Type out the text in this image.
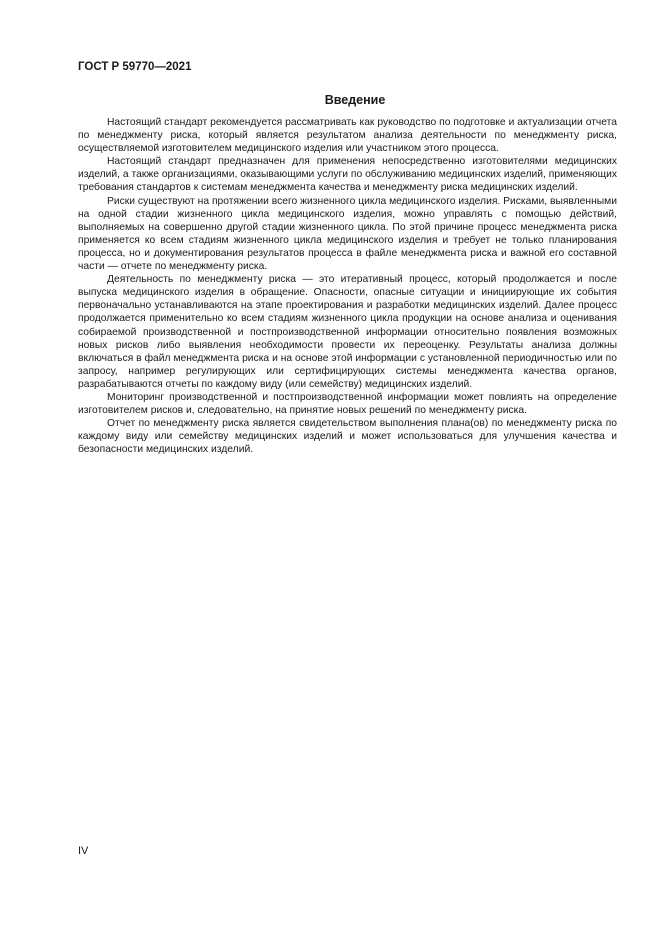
ГОСТ Р 59770—2021
Введение

Настоящий стандарт рекомендуется рассматривать как руководство по подготовке и актуализации отчета по менеджменту риска, который является результатом анализа деятельности по менеджменту риска, осуществляемой изготовителем медицинского изделия или участником этого процесса.

Настоящий стандарт предназначен для применения непосредственно изготовителями медицинских изделий, а также организациями, оказывающими услуги по обслуживанию медицинских изделий, применяющих требования стандартов к системам менеджмента качества и менеджменту риска медицинских изделий.

Риски существуют на протяжении всего жизненного цикла медицинского изделия. Рисками, выявленными на одной стадии жизненного цикла медицинского изделия, можно управлять с помощью действий, выполняемых на совершенно другой стадии жизненного цикла. По этой причине процесс менеджмента риска применяется ко всем стадиям жизненного цикла медицинского изделия и требует не только планирования процесса, но и документирования результатов процесса в файле менеджмента риска и важной его составной части — отчете по менеджменту риска.

Деятельность по менеджменту риска — это итеративный процесс, который продолжается и после выпуска медицинского изделия в обращение. Опасности, опасные ситуации и инициирующие их события первоначально устанавливаются на этапе проектирования и разработки медицинских изделий. Далее процесс продолжается применительно ко всем стадиям жизненного цикла продукции на основе анализа и оценивания собираемой производственной и постпроизводственной информации относительно появления возможных новых рисков либо выявления необходимости провести их переоценку. Результаты анализа должны включаться в файл менеджмента риска и на основе этой информации с установленной периодичностью или по запросу, например регулирующих или сертифицирующих системы менеджмента качества органов, разрабатываются отчеты по каждому виду (или семейству) медицинских изделий.

Мониторинг производственной и постпроизводственной информации может повлиять на определение изготовителем рисков и, следовательно, на принятие новых решений по менеджменту риска.

Отчет по менеджменту риска является свидетельством выполнения плана(ов) по менеджменту риска по каждому виду или семейству медицинских изделий и может использоваться для улучшения качества и безопасности медицинских изделий.

IV
